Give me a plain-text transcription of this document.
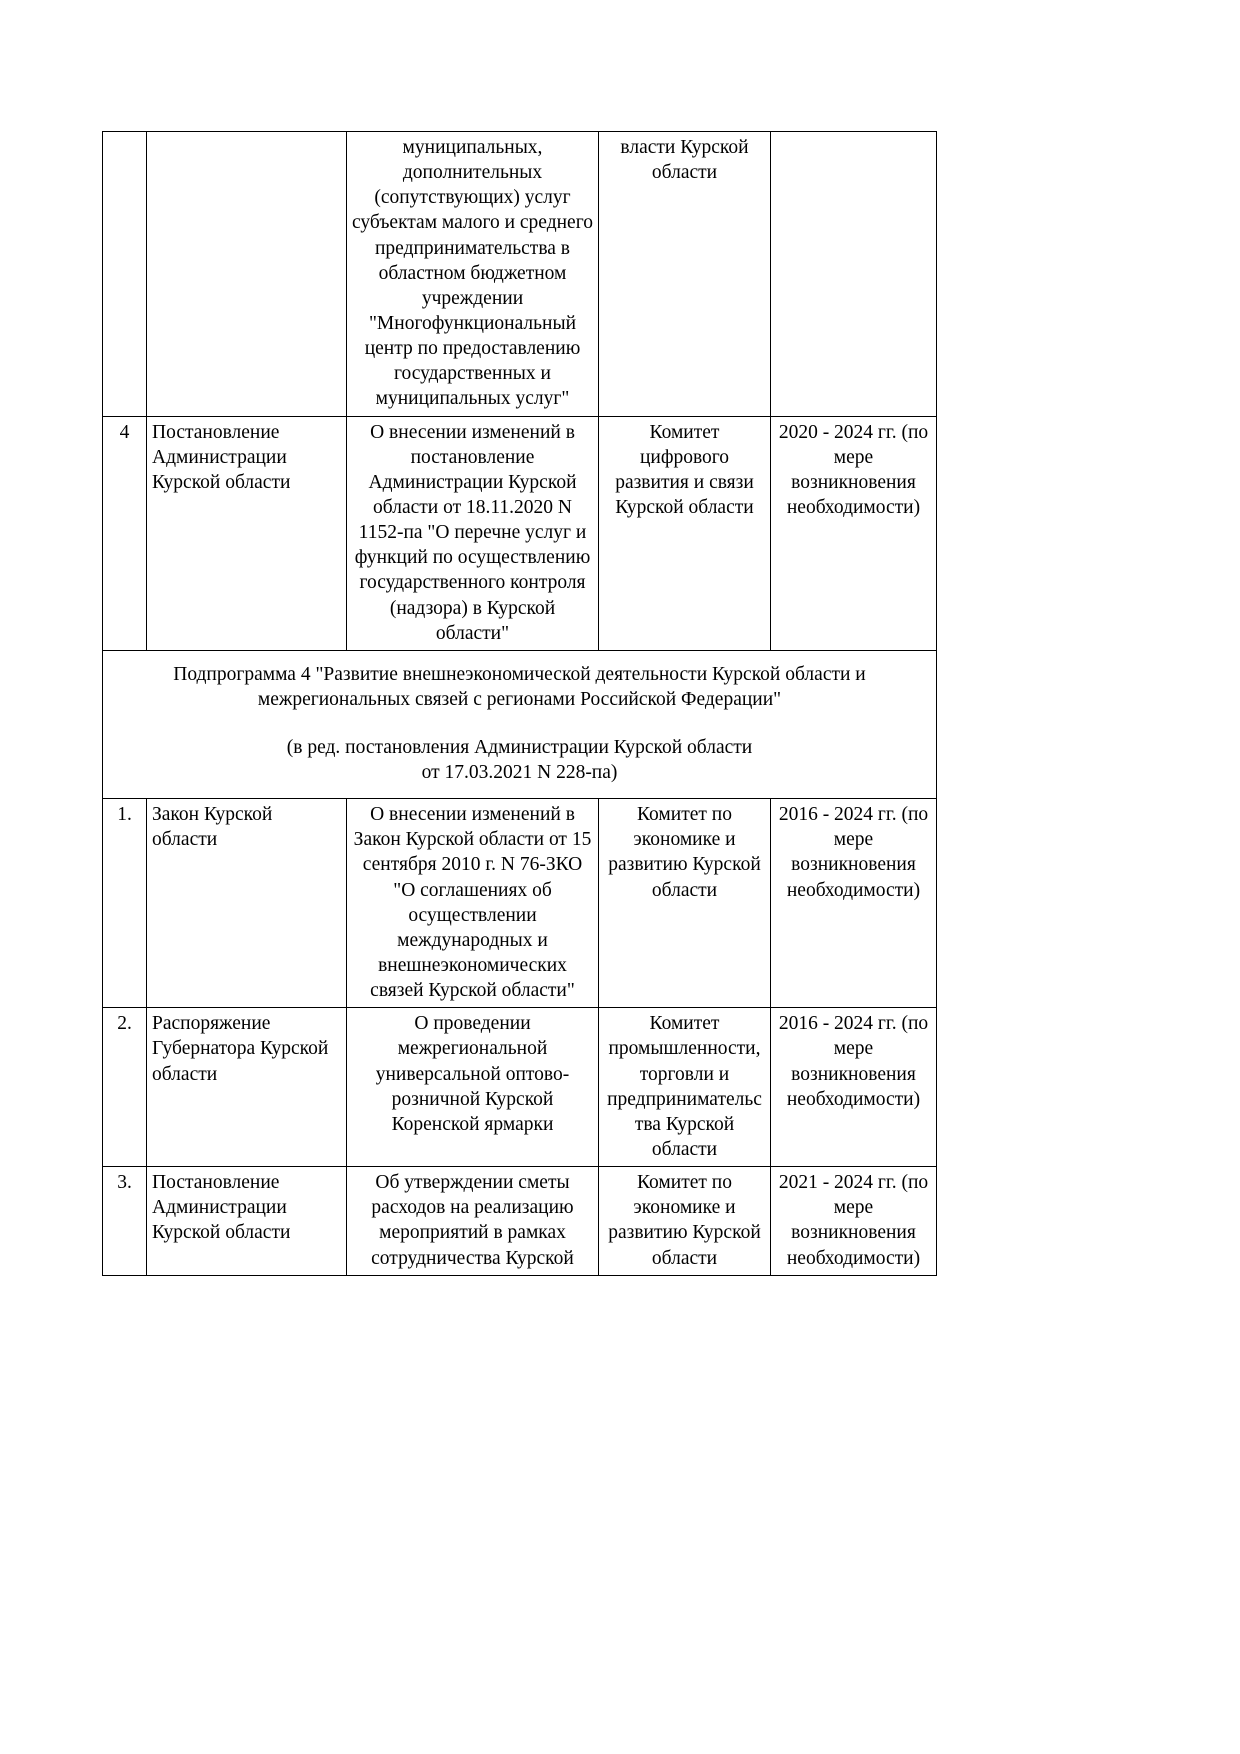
		муниципальных, дополнительных (сопутствующих) услуг субъектам малого и среднего предпринимательства в областном бюджетном учреждении "Многофункциональный центр по предоставлению государственных и муниципальных услуг"	власти Курской области	
4	Постановление Администрации Курской области	О внесении изменений в постановление Администрации Курской области от 18.11.2020 N 1152-па "О перечне услуг и функций по осуществлению государственного контроля (надзора) в Курской области"	Комитет цифрового развития и связи Курской области	2020 - 2024 гг. (по мере возникновения необходимости)

Подпрограмма 4 "Развитие внешнеэкономической деятельности Курской области и межрегиональных связей с регионами Российской Федерации"
(в ред. постановления Администрации Курской области
от 17.03.2021 N 228-па)				

1.	Закон Курской области	О внесении изменений в Закон Курской области от 15 сентября 2010 г. N 76-ЗКО "О соглашениях об осуществлении международных и внешнеэкономических связей Курской области"	Комитет по экономике и развитию Курской области	2016 - 2024 гг. (по мере возникновения необходимости)
2.	Распоряжение Губернатора Курской области	О проведении межрегиональной универсальной оптово-розничной Курской Коренской ярмарки	Комитет промышленности, торговли и предпринимательства Курской области	2016 - 2024 гг. (по мере возникновения необходимости)
3.	Постановление Администрации Курской области	Об утверждении сметы расходов на реализацию мероприятий в рамках сотрудничества Курской	Комитет по экономике и развитию Курской области	2021 - 2024 гг. (по мере возникновения необходимости)
